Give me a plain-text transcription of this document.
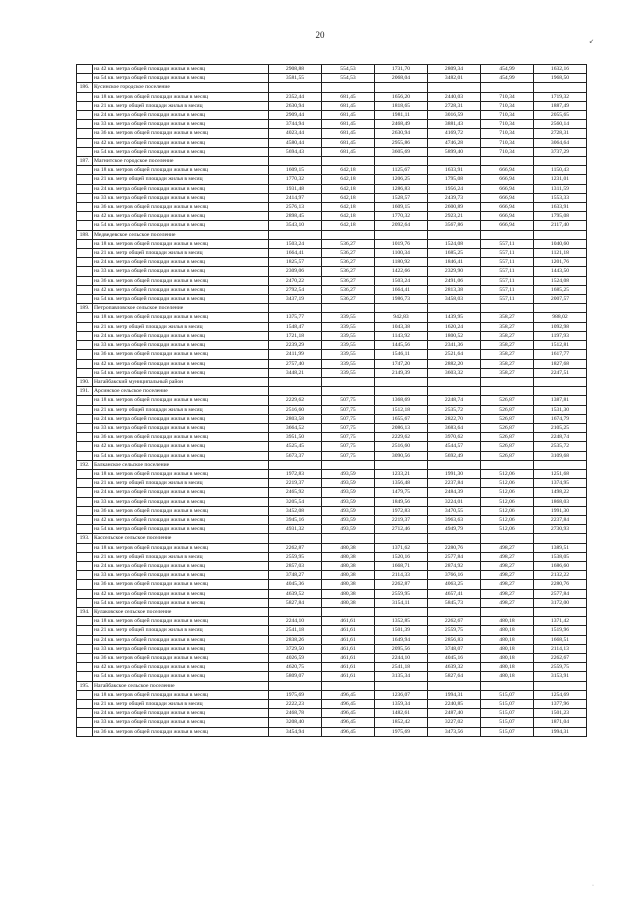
20
↙
·
	на 42 кв. метра общей площади жилья в месяц	2908,88	554,53	1731,70	2809,34	454,99	1632,16
	на 54 кв. метра общей площади жилья в месяц	3581,55	554,53	2068,04	3482,01	454,99	1968,50
186.	Кусинское городское поселение						
	на 18 кв. метров общей площади жилья в месяц	2352,44	681,45	1656,20	2440,03	710,34	1719,32
	на 21 кв. метр общей площади жилья в месяц	2630,94	681,45	1818,65	2728,31	710,34	1887,49
	на 24 кв. метра общей площади жилья в месяц	2909,44	681,45	1981,11	3016,59	710,34	2055,65
	на 33 кв. метра общей площади жилья в месяц	3744,94	681,45	2468,49	3881,43	710,34	2560,14
	на 36 кв. метров общей площади жилья в месяц	4023,44	681,45	2630,94	4169,72	710,34	2728,31
	на 42 кв. метра общей площади жилья в месяц	4580,44	681,45	2955,86	4746,28	710,34	3064,64
	на 54 кв. метра общей площади жилья в месяц	5694,43	681,45	3605,69	5899,40	710,34	3737,29
187.	Магнитское городское поселение						
	на 18 кв. метров общей площади жилья в месяц	1609,15	642,18	1125,67	1633,91	666,94	1150,43
	на 21 кв. метр общей площади жилья в месяц	1770,32	642,18	1206,25	1795,08	666,94	1231,01
	на 24 кв. метра общей площади жилья в месяц	1931,48	642,18	1286,83	1956,24	666,94	1311,59
	на 33 кв. метра общей площади жилья в месяц	2414,97	642,18	1528,57	2439,73	666,94	1553,33
	на 36 кв. метров общей площади жилья в месяц	2576,13	642,18	1609,15	2600,89	666,94	1633,91
	на 42 кв. метра общей площади жилья в месяц	2898,45	642,18	1770,32	2923,21	666,94	1795,08
	на 54 кв. метра общей площади жилья в месяц	3543,10	642,18	2092,64	3567,86	666,94	2117,40
188.	Медведевское сельское поселение						
	на 18 кв. метров общей площади жилья в месяц	1503,24	536,27	1019,76	1524,08	557,11	1040,60
	на 21 кв. метр общей площади жилья в месяц	1664,41	536,27	1100,34	1685,25	557,11	1121,18
	на 24 кв. метра общей площади жилья в месяц	1825,57	536,27	1180,92	1846,41	557,11	1201,76
	на 33 кв. метра общей площади жилья в месяц	2309,06	536,27	1422,66	2329,90	557,11	1443,50
	на 36 кв. метров общей площади жилья в месяц	2470,22	536,27	1503,24	2491,06	557,11	1524,08
	на 42 кв. метра общей площади жилья в месяц	2792,54	536,27	1664,41	2813,38	557,11	1685,25
	на 54 кв. метра общей площади жилья в месяц	3437,19	536,27	1986,73	3458,03	557,11	2007,57
189.	Петропавловское сельское поселение						
	на 18 кв. метров общей площади жилья в месяц	1375,77	339,55	942,83	1439,95	358,27	988,02
	на 21 кв. метр общей площади жилья в месяц	1548,47	339,55	1043,38	1620,24	358,27	1092,98
	на 24 кв. метра общей площади жилья в месяц	1721,18	339,55	1143,92	1800,52	358,27	1197,93
	на 33 кв. метра общей площади жилья в месяц	2239,29	339,55	1445,56	2341,36	358,27	1512,81
	на 36 кв. метров общей площади жилья в месяц	2411,99	339,55	1546,11	2521,64	358,27	1617,77
	на 42 кв. метра общей площади жилья в месяц	2757,40	339,55	1747,20	2882,20	358,27	1827,68
	на 54 кв. метра общей площади жилья в месяц	3448,21	339,55	2149,39	3603,32	358,27	2247,51
190.	Нагайбакский муниципальный район						
191.	Арсинское сельское поселение						
	на 18 кв. метров общей площади жилья в месяц	2229,62	507,75	1368,69	2248,74	526,87	1387,81
	на 21 кв. метр общей площади жилья в месяц	2516,60	507,75	1512,18	2535,72	526,87	1531,30
	на 24 кв. метра общей площади жилья в месяц	2803,58	507,75	1655,67	2822,70	526,87	1674,79
	на 33 кв. метра общей площади жилья в месяц	3664,52	507,75	2086,13	3683,64	526,87	2105,25
	на 36 кв. метров общей площади жилья в месяц	3951,50	507,75	2229,62	3970,62	526,87	2248,74
	на 42 кв. метра общей площади жилья в месяц	4525,45	507,75	2516,60	4544,57	526,87	2535,72
	на 54 кв. метра общей площади жилья в месяц	5673,37	507,75	3090,56	5692,49	526,87	3109,68
192.	Балканское сельское поселение						
	на 18 кв. метров общей площади жилья в месяц	1972,83	493,59	1233,21	1991,30	512,06	1251,68
	на 21 кв. метр общей площади жилья в месяц	2219,37	493,59	1356,48	2237,84	512,06	1374,95
	на 24 кв. метра общей площади жилья в месяц	2465,92	493,59	1479,75	2484,39	512,06	1498,22
	на 33 кв. метра общей площади жилья в месяц	3205,54	493,59	1849,56	3224,01	512,06	1868,03
	на 36 кв. метров общей площади жилья в месяц	3452,08	493,59	1972,83	3470,55	512,06	1991,30
	на 42 кв. метра общей площади жилья в месяц	3945,16	493,59	2219,37	3963,63	512,06	2237,84
	на 54 кв. метра общей площади жилья в месяц	4931,32	493,59	2712,46	4949,79	512,06	2730,93
193.	Кассельское сельское поселение						
	на 18 кв. метров общей площади жилья в месяц	2262,87	480,38	1371,62	2280,76	498,27	1389,51
	на 21 кв. метр общей площади жилья в месяц	2559,95	480,38	1520,16	2577,84	498,27	1538,05
	на 24 кв. метра общей площади жилья в месяц	2857,03	480,38	1668,71	2874,92	498,27	1686,60
	на 33 кв. метра общей площади жилья в месяц	3748,27	480,38	2114,33	3766,16	498,27	2132,22
	на 36 кв. метров общей площади жилья в месяц	4045,36	480,38	2262,87	4063,25	498,27	2280,76
	на 42 кв. метра общей площади жилья в месяц	4639,52	480,38	2559,95	4657,41	498,27	2577,84
	на 54 кв. метра общей площади жилья в месяц	5827,84	480,38	3154,11	5845,73	498,27	3172,00
194.	Кулаковское сельское поселение						
	на 18 кв. метров общей площади жилья в месяц	2244,10	461,61	1352,85	2262,67	480,18	1371,42
	на 21 кв. метр общей площади жилья в месяц	2541,18	461,61	1501,39	2559,75	480,18	1519,96
	на 24 кв. метра общей площади жилья в месяц	2838,26	461,61	1649,94	2856,83	480,18	1668,51
	на 33 кв. метра общей площади жилья в месяц	3729,50	461,61	2095,56	3748,07	480,18	2114,13
	на 36 кв. метров общей площади жилья в месяц	4026,59	461,61	2244,10	4045,16	480,18	2262,67
	на 42 кв. метра общей площади жилья в месяц	4620,75	461,61	2541,18	4639,32	480,18	2559,75
	на 54 кв. метра общей площади жилья в месяц	5809,07	461,61	3135,34	5827,64	480,18	3153,91
195.	Нагайбакское сельское поселение						
	на 18 кв. метров общей площади жилья в месяц	1975,69	496,45	1236,07	1994,31	515,07	1254,69
	на 21 кв. метр общей площади жилья в месяц	2222,23	496,45	1359,34	2240,85	515,07	1377,96
	на 24 кв. метра общей площади жилья в месяц	2468,78	496,45	1482,61	2487,40	515,07	1501,23
	на 33 кв. метра общей площади жилья в месяц	3208,40	496,45	1852,42	3227,02	515,07	1871,04
	на 36 кв. метров общей площади жилья в месяц	3454,94	496,45	1975,69	3473,56	515,07	1994,31
